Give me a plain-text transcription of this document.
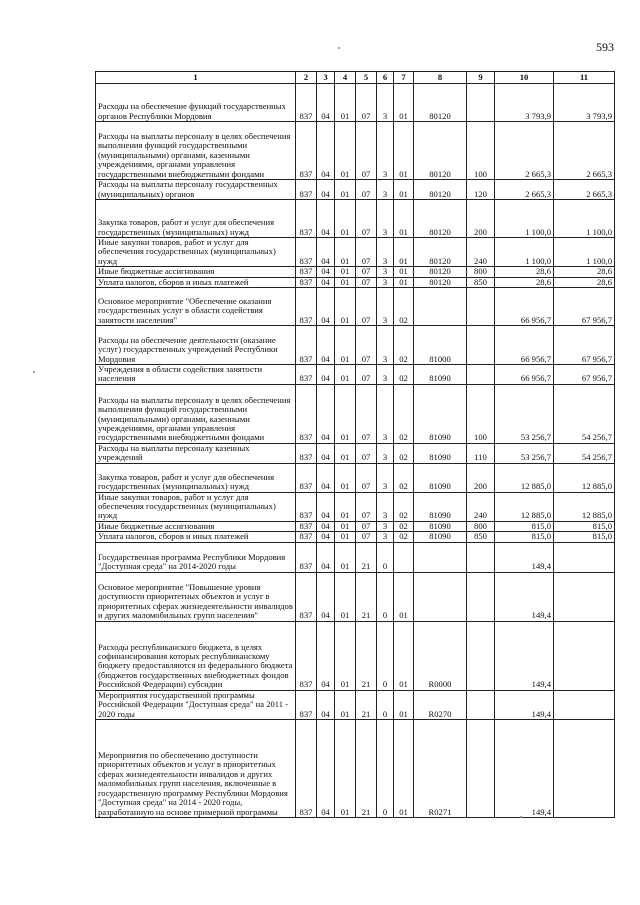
593
1	2	3	4	5	6	7	8	9	10	11
Расходы на обеспечение функций государственных органов Республики Мордовия	837	04	01	07	3	01	80120		3 793,9	3 793,9
Расходы на выплаты персоналу в целях обеспечения выполнения функций государственными (муниципальными) органами, казенными учреждениями, органами управления государственными внебюджетными фондами	837	04	01	07	3	01	80120	100	2 665,3	2 665,3
Расходы на выплаты персоналу государственных (муниципальных) органов	837	04	01	07	3	01	80120	120	2 665,3	2 665,3
Закупка товаров, работ и услуг для обеспечения государственных (муниципальных) нужд	837	04	01	07	3	01	80120	200	1 100,0	1 100,0
Иные закупки товаров, работ и услуг для обеспечения государственных (муниципальных) нужд	837	04	01	07	3	01	80120	240	1 100,0	1 100,0
Иные бюджетные ассигнования	837	04	01	07	3	01	80120	800	28,6	28,6
Уплата налогов, сборов и иных платежей	837	04	01	07	3	01	80120	850	28,6	28,6
Основное мероприятие "Обеспечение оказания государственных услуг в области содействия занятости населения"	837	04	01	07	3	02			66 956,7	67 956,7
Расходы на обеспечение деятельности (оказание услуг) государственных учреждений Республики Мордовия	837	04	01	07	3	02	81000		66 956,7	67 956,7
Учреждения в области содействия занятости населения	837	04	01	07	3	02	81090		66 956,7	67 956,7
Расходы на выплаты персоналу в целях обеспечения выполнения функций государственными (муниципальными) органами, казенными учреждениями, органами управления государственными внебюджетными фондами	837	04	01	07	3	02	81090	100	53 256,7	54 256,7
Расходы на выплаты персоналу казенных учреждений	837	04	01	07	3	02	81090	110	53 256,7	54 256,7
Закупка товаров, работ и услуг для обеспечения государственных (муниципальных) нужд	837	04	01	07	3	02	81090	200	12 885,0	12 885,0
Иные закупки товаров, работ и услуг для обеспечения государственных (муниципальных) нужд	837	04	01	07	3	02	81090	240	12 885,0	12 885,0
Иные бюджетные ассигнования	837	04	01	07	3	02	81090	800	815,0	815,0
Уплата налогов, сборов и иных платежей	837	04	01	07	3	02	81090	850	815,0	815,0
Государственная программа Республики Мордовия "Доступная среда" на 2014-2020 годы	837	04	01	21	0				149,4	
Основное мероприятие "Повышение уровня доступности приоритетных объектов и услуг в приоритетных сферах жизнедеятельности инвалидов и других маломобильных групп населения"	837	04	01	21	0	01			149,4	
Расходы республиканского бюджета, в целях софинансирования которых республиканскому бюджету предоставляются из федерального бюджета (бюджетов государственных внебюджетных фондов Российской Федерации) субсидии	837	04	01	21	0	01	R0000		149,4	
Мероприятия государственной программы Российской Федерации "Доступная среда" на 2011 - 2020 годы	837	04	01	21	0	01	R0270		149,4	
Мероприятия по обеспечению доступности приоритетных объектов и услуг в приоритетных сферах жизнедеятельности инвалидов и других маломобильных групп населения, включенные в государственную программу Республики Мордовия "Доступная среда" на 2014 - 2020 годы, разработанную на основе примерной программы	837	04	01	21	0	01	R0271		149,4	
